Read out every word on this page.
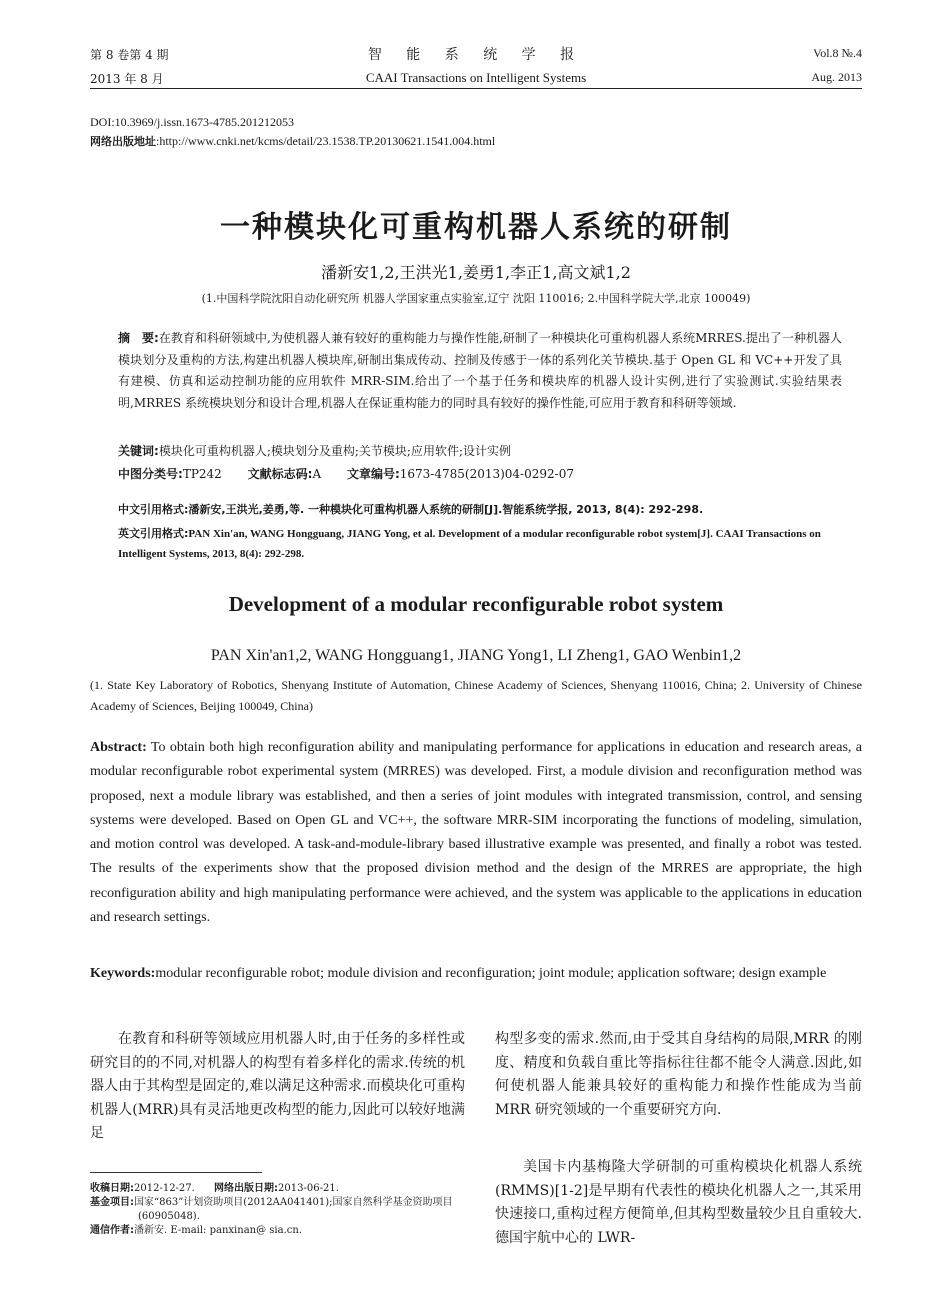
第 8 卷第 4 期
2013 年 8 月
智 能 系 统 学 报
CAAI Transactions on Intelligent Systems
Vol.8 №.4
Aug. 2013
DOI:10.3969/j.issn.1673-4785.201212053
网络出版地址:http://www.cnki.net/kcms/detail/23.1538.TP.20130621.1541.004.html
一种模块化可重构机器人系统的研制
潘新安1,2,王洪光1,姜勇1,李正1,高文斌1,2
(1.中国科学院沈阳自动化研究所 机器人学国家重点实验室,辽宁 沈阳 110016; 2.中国科学院大学,北京 100049)
摘　要:在教育和科研领域中,为使机器人兼有较好的重构能力与操作性能,研制了一种模块化可重构机器人系统MRRES.提出了一种机器人模块划分及重构的方法,构建出机器人模块库,研制出集成传动、控制及传感于一体的系列化关节模块.基于 Open GL 和 VC++开发了具有建模、仿真和运动控制功能的应用软件 MRR-SIM.给出了一个基于任务和模块库的机器人设计实例,进行了实验测试.实验结果表明,MRRES 系统模块划分和设计合理,机器人在保证重构能力的同时具有较好的操作性能,可应用于教育和科研等领域.
关键词:模块化可重构机器人;模块划分及重构;关节模块;应用软件;设计实例
中图分类号:TP242 文献标志码:A 文章编号:1673-4785(2013)04-0292-07
中文引用格式:潘新安,王洪光,姜勇,等. 一种模块化可重构机器人系统的研制[J].智能系统学报, 2013, 8(4): 292-298.
英文引用格式:PAN Xin'an, WANG Hongguang, JIANG Yong, et al. Development of a modular reconfigurable robot system[J]. CAAI Transactions on Intelligent Systems, 2013, 8(4): 292-298.
Development of a modular reconfigurable robot system
PAN Xin'an1,2, WANG Hongguang1, JIANG Yong1, LI Zheng1, GAO Wenbin1,2
(1. State Key Laboratory of Robotics, Shenyang Institute of Automation, Chinese Academy of Sciences, Shenyang 110016, China; 2. University of Chinese Academy of Sciences, Beijing 100049, China)
Abstract: To obtain both high reconfiguration ability and manipulating performance for applications in education and research areas, a modular reconfigurable robot experimental system (MRRES) was developed. First, a module division and reconfiguration method was proposed, next a module library was established, and then a series of joint modules with integrated transmission, control, and sensing systems were developed. Based on Open GL and VC++, the software MRR-SIM incorporating the functions of modeling, simulation, and motion control was developed. A task-and-module-library based illustrative example was presented, and finally a robot was tested. The results of the experiments show that the proposed division method and the design of the MRRES are appropriate, the high reconfiguration ability and high manipulating performance were achieved, and the system was applicable to the applications in education and research settings.
Keywords:modular reconfigurable robot; module division and reconfiguration; joint module; application software; design example
在教育和科研等领域应用机器人时,由于任务的多样性或研究目的的不同,对机器人的构型有着多样化的需求.传统的机器人由于其构型是固定的,难以满足这种需求.而模块化可重构机器人(MRR)具有灵活地更改构型的能力,因此可以较好地满足
构型多变的需求.然而,由于受其自身结构的局限,MRR 的刚度、精度和负载自重比等指标往往都不能令人满意.因此,如何使机器人能兼具较好的重构能力和操作性能成为当前 MRR 研究领域的一个重要研究方向.
美国卡内基梅隆大学研制的可重构模块化机器人系统(RMMS)[1-2]是早期有代表性的模块化机器人之一,其采用快速接口,重构过程方便简单,但其构型数量较少且自重较大.德国宇航中心的 LWR-
收稿日期:2012-12-27. 网络出版日期:2013-06-21.
基金项目:国家“863”计划资助项目(2012AA041401);国家自然科学基金资助项目(60905048).
通信作者:潘新安. E-mail: panxinan@ sia.cn.
